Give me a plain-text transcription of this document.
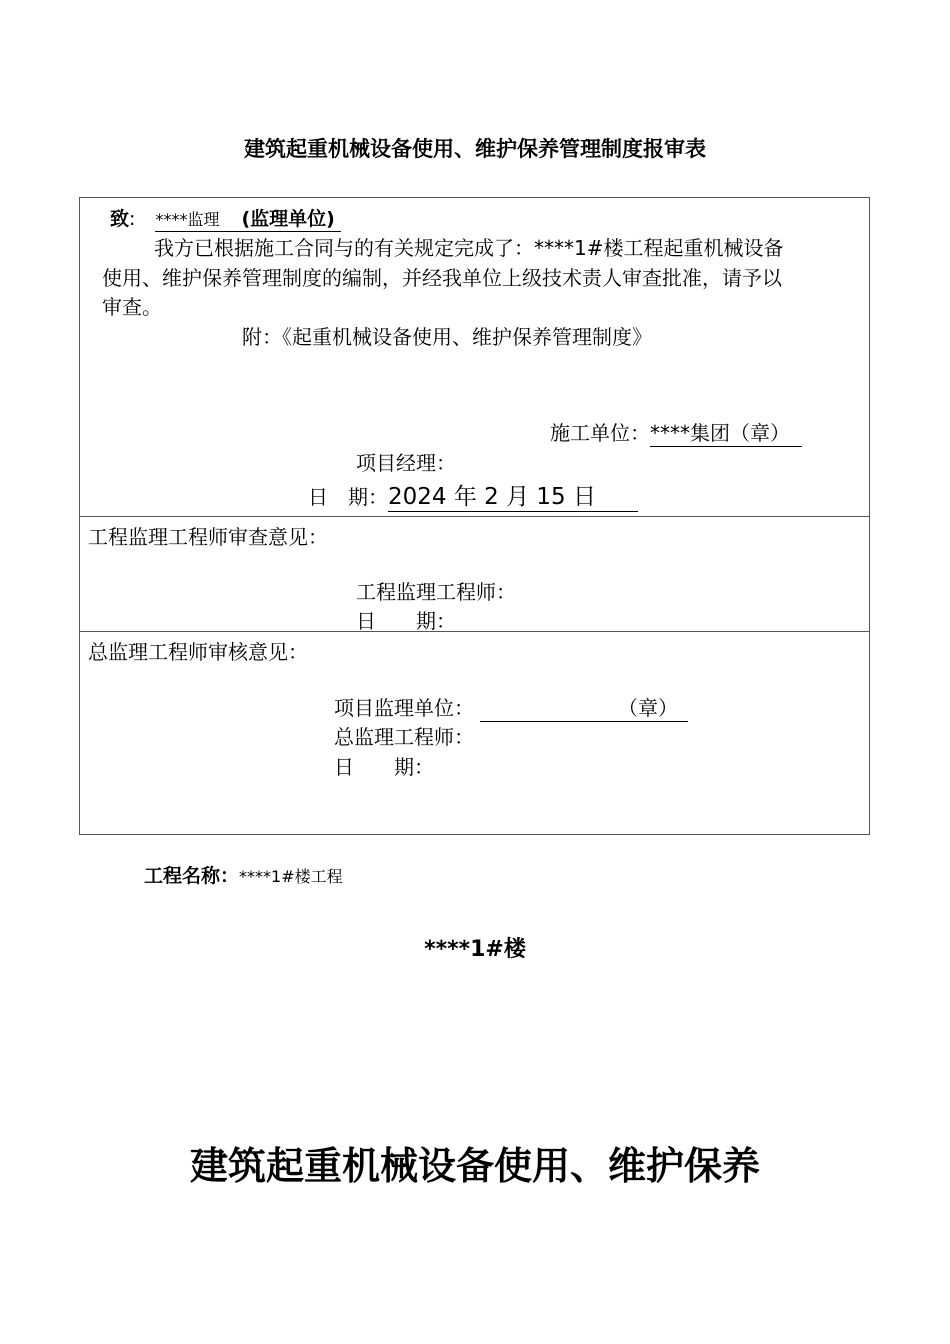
建筑起重机械设备使用、维护保养管理制度报审表
致: ****监理 (监理单位)
我方已根据施工合同与的有关规定完成了：****1#楼工程起重机械设备
使用、维护保养管理制度的编制，并经我单位上级技术责人审查批准，请予以
审查。
附：《起重机械设备使用、维护保养管理制度》
施工单位：****集团（章）
项目经理：
日　期：2024 年 2 月 15 日
工程监理工程师审查意见：
工程监理工程师：
日　　期：
总监理工程师审核意见：
项目监理单位：	（章）
总监理工程师：
日　　期：
工程名称：****1#楼工程
****1#楼
建筑起重机械设备使用、维护保养
